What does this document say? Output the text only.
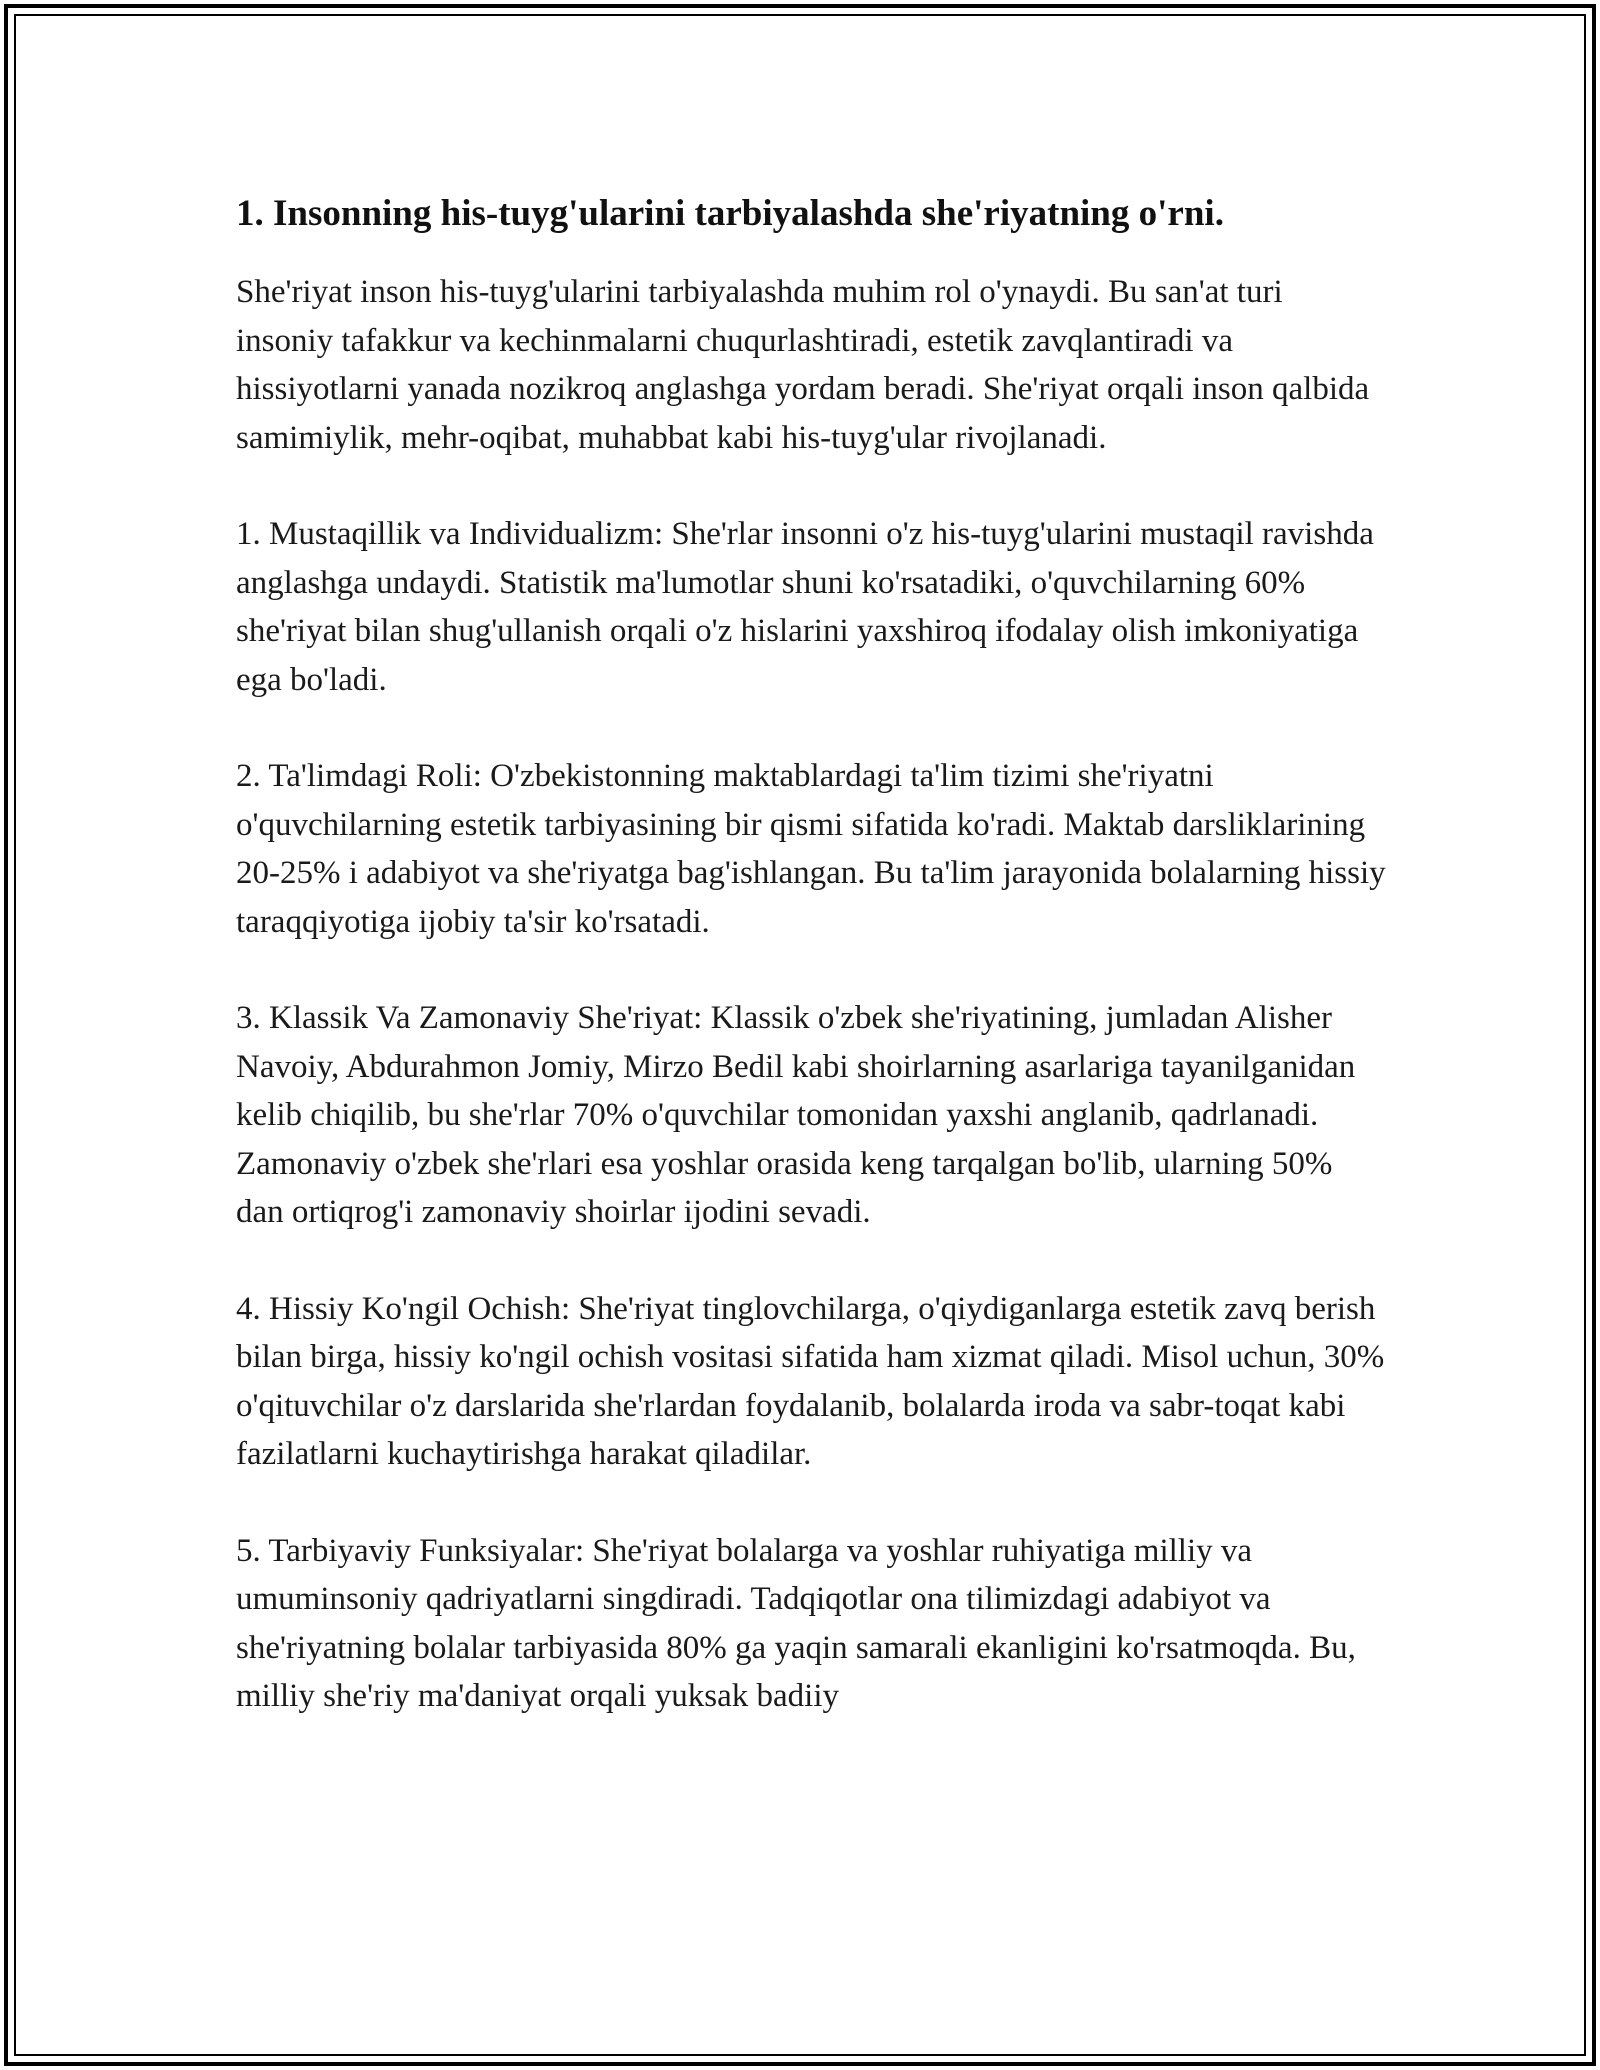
1. Insonning his-tuyg'ularini tarbiyalashda she'riyatning o'rni.

She'riyat inson his-tuyg'ularini tarbiyalashda muhim rol o'ynaydi. Bu san'at turi insoniy tafakkur va kechinmalarni chuqurlashtiradi, estetik zavqlantiradi va hissiyotlarni yanada nozikroq anglashga yordam beradi. She'riyat orqali inson qalbida samimiylik, mehr-oqibat, muhabbat kabi his-tuyg'ular rivojlanadi.

1. Mustaqillik va Individualizm: She'rlar insonni o'z his-tuyg'ularini mustaqil ravishda anglashga undaydi. Statistik ma'lumotlar shuni ko'rsatadiki, o'quvchilarning 60% she'riyat bilan shug'ullanish orqali o'z hislarini yaxshiroq ifodalay olish imkoniyatiga ega bo'ladi.

2. Ta'limdagi Roli: O'zbekistonning maktablardagi ta'lim tizimi she'riyatni o'quvchilarning estetik tarbiyasining bir qismi sifatida ko'radi. Maktab darsliklarining 20-25% i adabiyot va she'riyatga bag'ishlangan. Bu ta'lim jarayonida bolalarning hissiy taraqqiyotiga ijobiy ta'sir ko'rsatadi.

3. Klassik Va Zamonaviy She'riyat: Klassik o'zbek she'riyatining, jumladan Alisher Navoiy, Abdurahmon Jomiy, Mirzo Bedil kabi shoirlarning asarlariga tayanilganidan kelib chiqilib, bu she'rlar 70% o'quvchilar tomonidan yaxshi anglanib, qadrlanadi. Zamonaviy o'zbek she'rlari esa yoshlar orasida keng tarqalgan bo'lib, ularning 50% dan ortiqrog'i zamonaviy shoirlar ijodini sevadi.

4. Hissiy Ko'ngil Ochish: She'riyat tinglovchilarga, o'qiydiganlarga estetik zavq berish bilan birga, hissiy ko'ngil ochish vositasi sifatida ham xizmat qiladi. Misol uchun, 30% o'qituvchilar o'z darslarida she'rlardan foydalanib, bolalarda iroda va sabr-toqat kabi fazilatlarni kuchaytirishga harakat qiladilar.

5. Tarbiyaviy Funksiyalar: She'riyat bolalarga va yoshlar ruhiyatiga milliy va umuminsoniy qadriyatlarni singdiradi. Tadqiqotlar ona tilimizdagi adabiyot va she'riyatning bolalar tarbiyasida 80% ga yaqin samarali ekanligini ko'rsatmoqda. Bu, milliy she'riy ma'daniyat orqali yuksak badiiy
